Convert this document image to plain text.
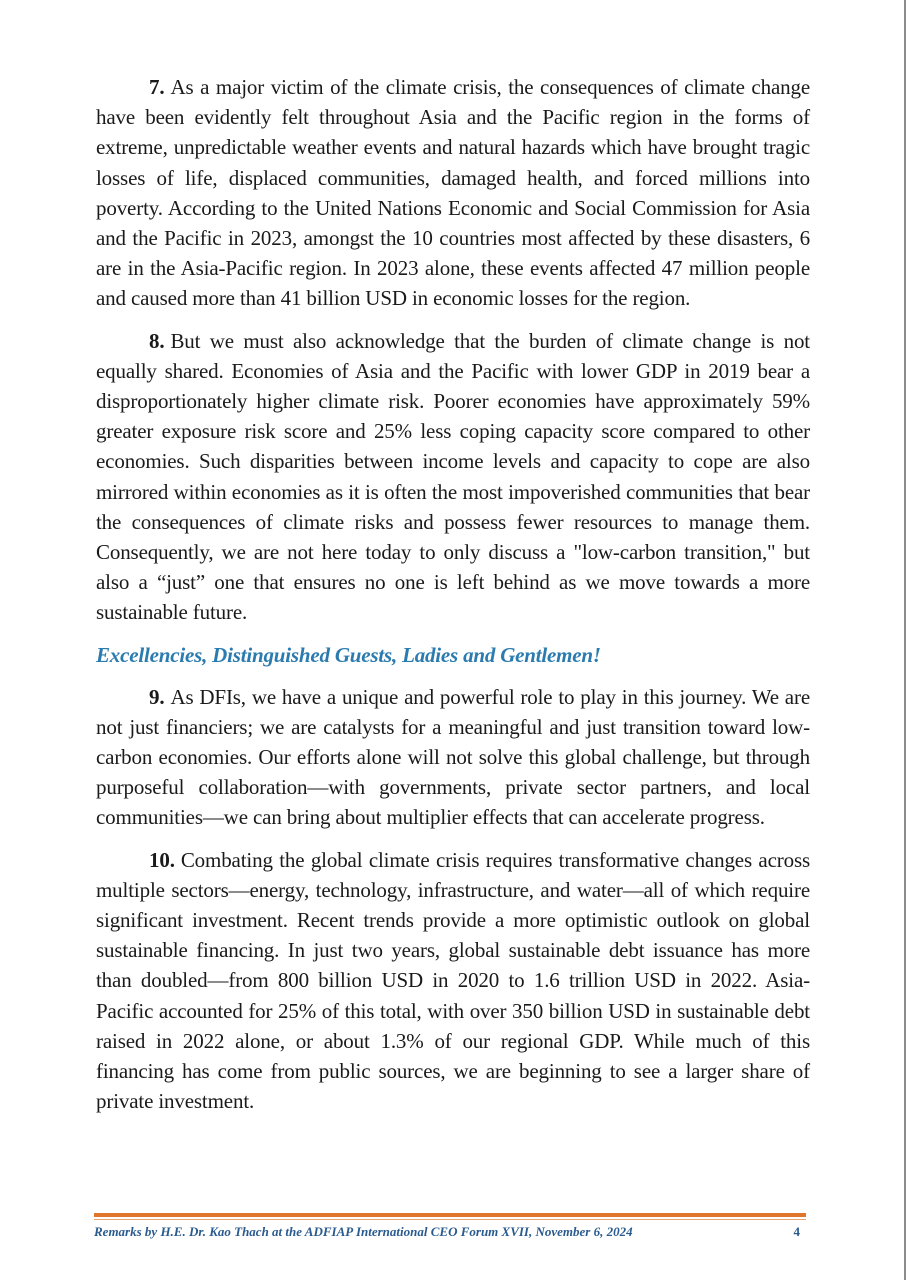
7. As a major victim of the climate crisis, the consequences of climate change have been evidently felt throughout Asia and the Pacific region in the forms of extreme, unpredictable weather events and natural hazards which have brought tragic losses of life, displaced communities, damaged health, and forced millions into poverty. According to the United Nations Economic and Social Commission for Asia and the Pacific in 2023, amongst the 10 countries most affected by these disasters, 6 are in the Asia-Pacific region. In 2023 alone, these events affected 47 million people and caused more than 41 billion USD in economic losses for the region.

8. But we must also acknowledge that the burden of climate change is not equally shared. Economies of Asia and the Pacific with lower GDP in 2019 bear a disproportionately higher climate risk. Poorer economies have approximately 59% greater exposure risk score and 25% less coping capacity score compared to other economies. Such disparities between income levels and capacity to cope are also mirrored within economies as it is often the most impoverished communities that bear the consequences of climate risks and possess fewer resources to manage them. Consequently, we are not here today to only discuss a "low-carbon transition," but also a “just” one that ensures no one is left behind as we move towards a more sustainable future.

Excellencies, Distinguished Guests, Ladies and Gentlemen!

9. As DFIs, we have a unique and powerful role to play in this journey. We are not just financiers; we are catalysts for a meaningful and just transition toward low-carbon economies. Our efforts alone will not solve this global challenge, but through purposeful collaboration—with governments, private sector partners, and local communities—we can bring about multiplier effects that can accelerate progress.

10. Combating the global climate crisis requires transformative changes across multiple sectors—energy, technology, infrastructure, and water—all of which require significant investment. Recent trends provide a more optimistic outlook on global sustainable financing. In just two years, global sustainable debt issuance has more than doubled—from 800 billion USD in 2020 to 1.6 trillion USD in 2022. Asia-Pacific accounted for 25% of this total, with over 350 billion USD in sustainable debt raised in 2022 alone, or about 1.3% of our regional GDP. While much of this financing has come from public sources, we are beginning to see a larger share of private investment.

Remarks by H.E. Dr. Kao Thach at the ADFIAP International CEO Forum XVII, November 6, 2024	4
